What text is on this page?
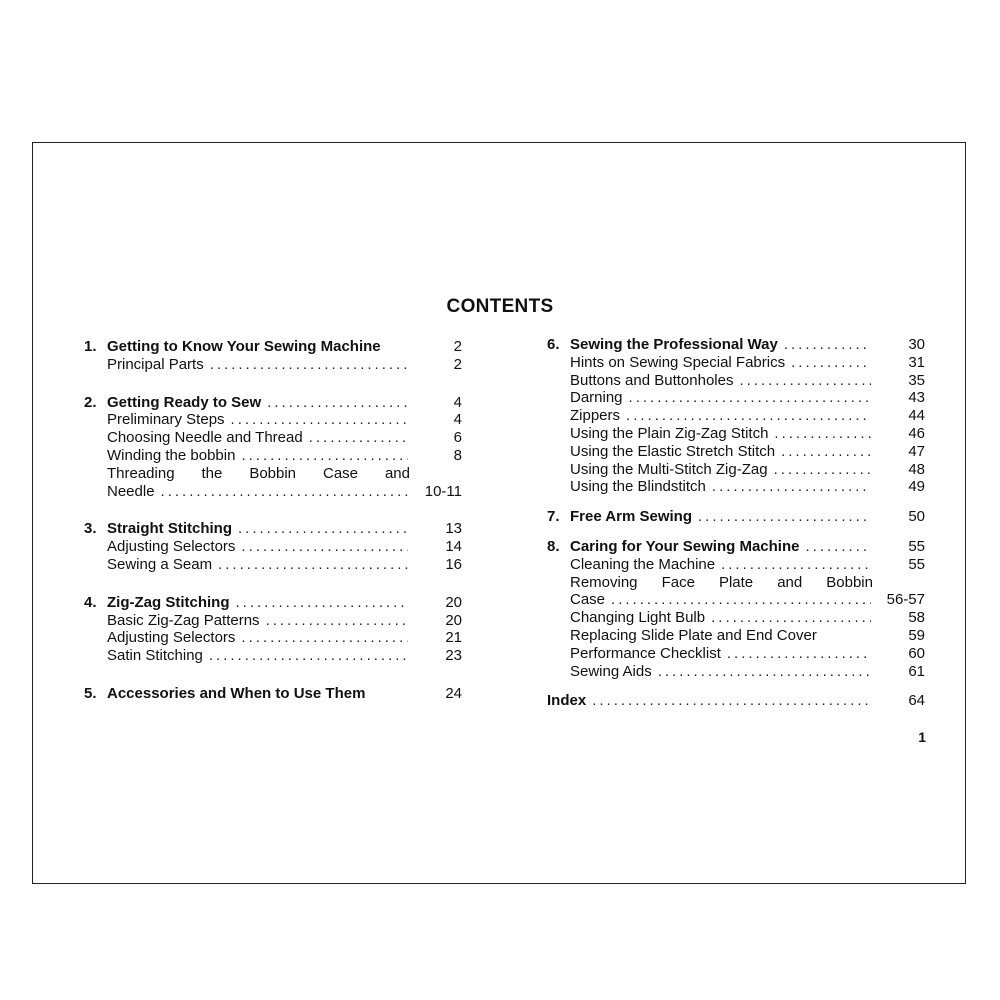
CONTENTS
1. Getting to Know Your Sewing Machine	2
Principal Parts .....	2
2. Getting Ready to Sew .....	4
Preliminary Steps .....	4
Choosing Needle and Thread .....	6
Winding the bobbin .....	8
Threading the Bobbin Case and
Needle .....	10-11
3. Straight Stitching .....	13
Adjusting Selectors .....	14
Sewing a Seam .....	16
4. Zig-Zag Stitching .....	20
Basic Zig-Zag Patterns .....	20
Adjusting Selectors .....	21
Satin Stitching .....	23
5. Accessories and When to Use Them	24
6. Sewing the Professional Way .....	30
Hints on Sewing Special Fabrics .....	31
Buttons and Buttonholes .....	35
Darning .....	43
Zippers .....	44
Using the Plain Zig-Zag Stitch .....	46
Using the Elastic Stretch Stitch .....	47
Using the Multi-Stitch Zig-Zag .....	48
Using the Blindstitch .....	49
7. Free Arm Sewing .....	50
8. Caring for Your Sewing Machine .....	55
Cleaning the Machine .....	55
Removing Face Plate and Bobbin
Case .....	56-57
Changing Light Bulb .....	58
Replacing Slide Plate and End Cover	59
Performance Checklist .....	60
Sewing Aids .....	61
Index .....	64
1
